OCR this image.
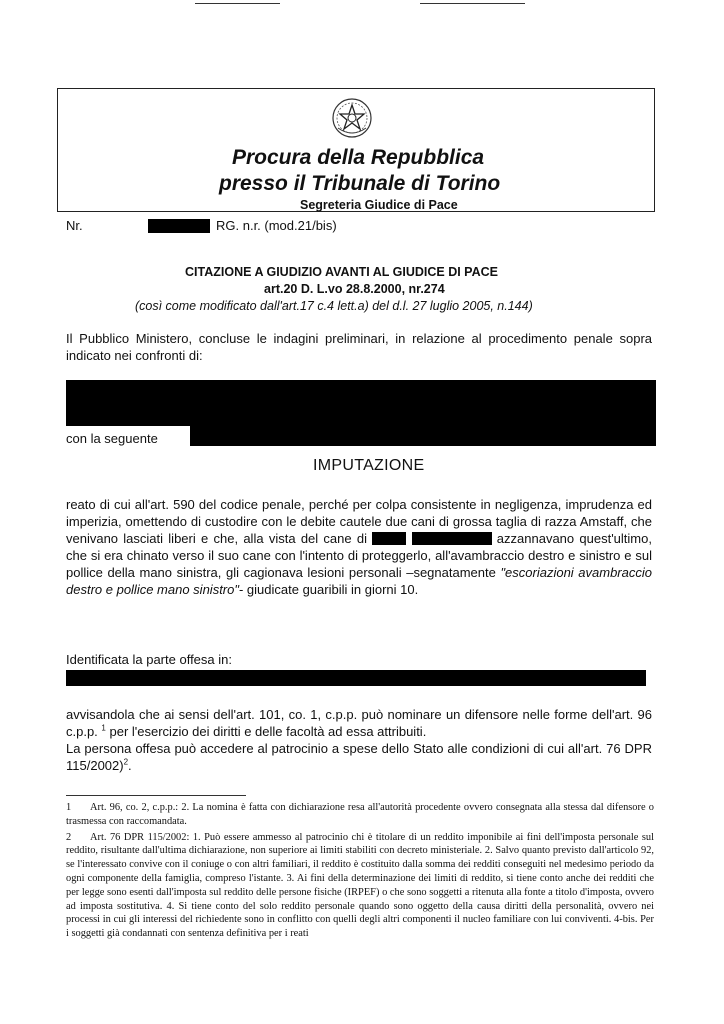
Procura della Repubblica
presso il Tribunale di Torino
Segreteria Giudice di Pace
Nr.	RG. n.r. (mod.21/bis)
CITAZIONE A GIUDIZIO AVANTI AL GIUDICE DI PACE
art.20 D. L.vo 28.8.2000, nr.274
(così come modificato dall'art.17 c.4 lett.a) del d.l. 27 luglio 2005, n.144)
Il Pubblico Ministero, concluse le indagini preliminari, in relazione al procedimento penale sopra indicato nei confronti di:
con la seguente
IMPUTAZIONE
reato di cui all'art. 590 del codice penale, perché per colpa consistente in negligenza, imprudenza ed imperizia, omettendo di custodire con le debite cautele due cani di grossa taglia di razza Amstaff, che venivano lasciati liberi e che, alla vista del cane di	azzannavano quest'ultimo, che si era chinato verso il suo cane con l'intento di proteggerlo, all'avambraccio destro e sinistro e sul pollice della mano sinistra, gli cagionava lesioni personali –segnatamente "escoriazioni avambraccio destro e pollice mano sinistro"- giudicate guaribili in giorni 10.
Identificata la parte offesa in:
avvisandola che ai sensi dell'art. 101, co. 1, c.p.p. può nominare un difensore nelle forme dell'art. 96 c.p.p. $^1$ per l'esercizio dei diritti e delle facoltà ad essa attribuiti.
La persona offesa può accedere al patrocinio a spese dello Stato alle condizioni di cui all'art. 76 DPR 115/2002)$^2$.

1 Art. 96, co. 2, c.p.p.: 2. La nomina è fatta con dichiarazione resa all'autorità procedente ovvero consegnata alla stessa dal difensore o trasmessa con raccomandata.

2 Art. 76 DPR 115/2002: 1. Può essere ammesso al patrocinio chi è titolare di un reddito imponibile ai fini dell'imposta personale sul reddito, risultante dall'ultima dichiarazione, non superiore ai limiti stabiliti con decreto ministeriale. 2. Salvo quanto previsto dall'articolo 92, se l'interessato convive con il coniuge o con altri familiari, il reddito è costituito dalla somma dei redditi conseguiti nel medesimo periodo da ogni componente della famiglia, compreso l'istante. 3. Ai fini della determinazione dei limiti di reddito, si tiene conto anche dei redditi che per legge sono esenti dall'imposta sul reddito delle persone fisiche (IRPEF) o che sono soggetti a ritenuta alla fonte a titolo d'imposta, ovvero ad imposta sostitutiva. 4. Si tiene conto del solo reddito personale quando sono oggetto della causa diritti della personalità, ovvero nei processi in cui gli interessi del richiedente sono in conflitto con quelli degli altri componenti il nucleo familiare con lui conviventi. 4-bis. Per i soggetti già condannati con sentenza definitiva per i reati
